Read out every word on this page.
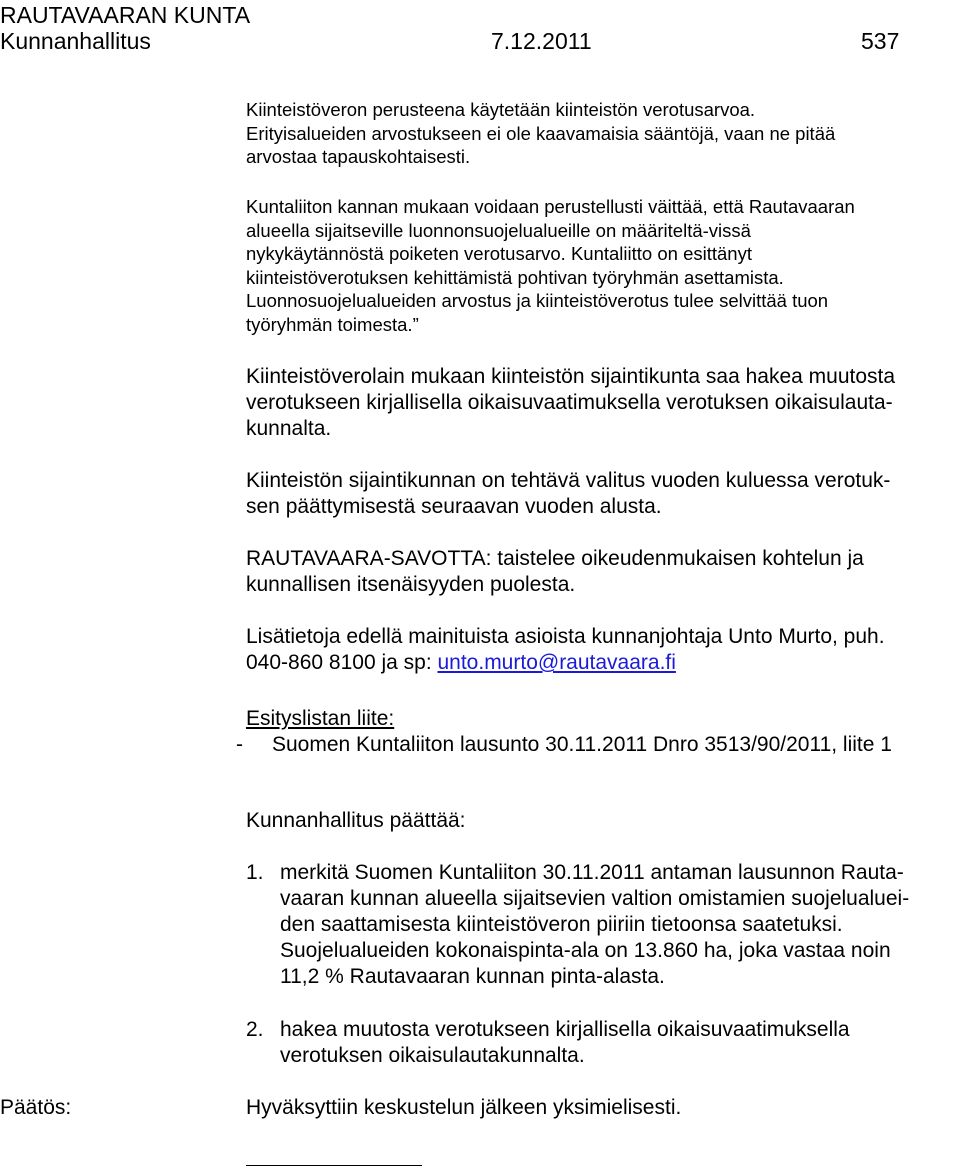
RAUTAVAARAN KUNTA
Kunnanhallitus	7.12.2011	537
Kiinteistöveron perusteena käytetään kiinteistön verotusarvoa.
Erityisalueiden arvostukseen ei ole kaavamaisia sääntöjä, vaan ne pitää
arvostaa tapauskohtaisesti.
Kuntaliiton kannan mukaan voidaan perustellusti väittää, että Rautavaaran
alueella sijaitseville luonnonsuojelualueille on määriteltä-vissä
nykykäytännöstä poiketen verotusarvo. Kuntaliitto on esittänyt
kiinteistöverotuksen kehittämistä pohtivan työryhmän asettamista.
Luonnosuojelualueiden arvostus ja kiinteistöverotus tulee selvittää tuon
työryhmän toimesta.”
Kiinteistöverolain mukaan kiinteistön sijaintikunta saa hakea muutosta
verotukseen kirjallisella oikaisuvaatimuksella verotuksen oikaisulauta-
kunnalta.
Kiinteistön sijaintikunnan on tehtävä valitus vuoden kuluessa verotuk-
sen päättymisestä seuraavan vuoden alusta.
RAUTAVAARA-SAVOTTA: taistelee oikeudenmukaisen kohtelun ja
kunnallisen itsenäisyyden puolesta.
Lisätietoja edellä mainituista asioista kunnanjohtaja Unto Murto, puh.
040-860 8100 ja sp: unto.murto@rautavaara.fi
Esityslistan liite:
- Suomen Kuntaliiton lausunto 30.11.2011 Dnro 3513/90/2011, liite 1
Kunnanhallitus päättää:
1. merkitä Suomen Kuntaliiton 30.11.2011 antaman lausunnon Rauta-
vaaran kunnan alueella sijaitsevien valtion omistamien suojelualuei-
den saattamisesta kiinteistöveron piiriin tietoonsa saatetuksi.
Suojelualueiden kokonaispinta-ala on 13.860 ha, joka vastaa noin
11,2 % Rautavaaran kunnan pinta-alasta.
2. hakea muutosta verotukseen kirjallisella oikaisuvaatimuksella
verotuksen oikaisulautakunnalta.
Päätös:	Hyväksyttiin keskustelun jälkeen yksimielisesti.
